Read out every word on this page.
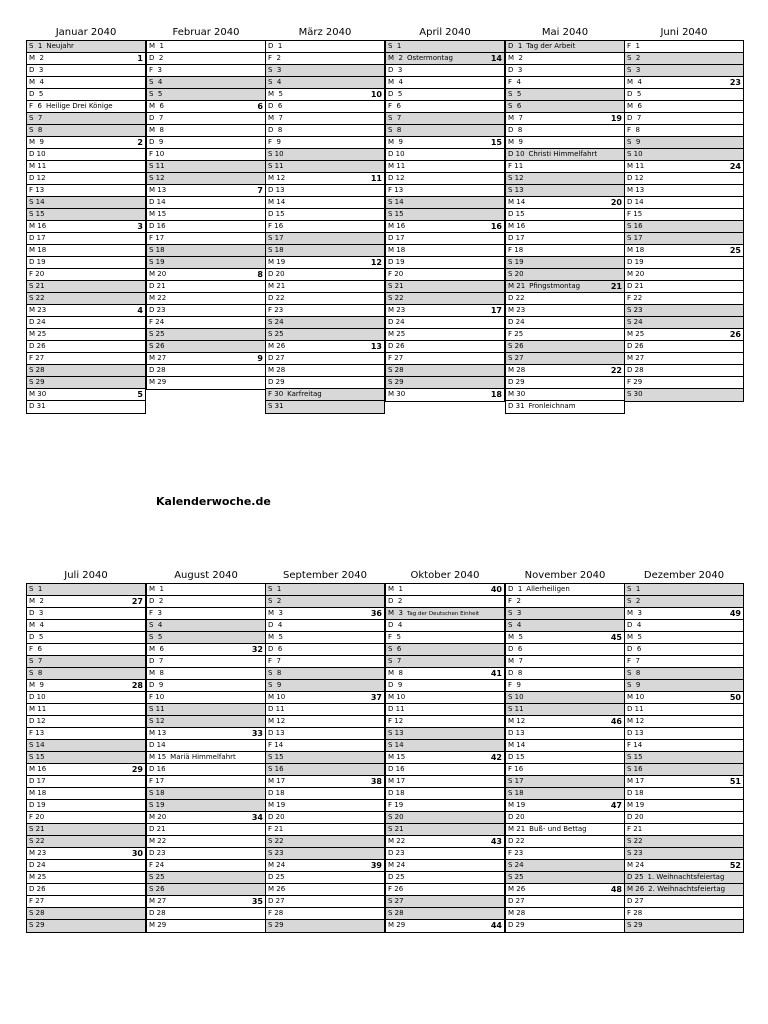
Januar 2040
S  1 Neujahr
M  2	1
D  3
M  4
D  5
F  6 Heilige Drei Könige
S  7
S  8
M  9	2
D 10
M 11
D 12
F 13
S 14
S 15
M 16	3
D 17
M 18
D 19
F 20
S 21
S 22
M 23	4
D 24
M 25
D 26
F 27
S 28
S 29
M 30	5
D 31
Februar 2040
M  1
D  2
F  3
S  4
S  5
M  6	6
D  7
M  8
D  9
F 10
S 11
S 12
M 13	7
D 14
M 15
D 16
F 17
S 18
S 19
M 20	8
D 21
M 22
D 23
F 24
S 25
S 26
M 27	9
D 28
M 29
März 2040
D  1
F  2
S  3
S  4
M  5	10
D  6
M  7
D  8
F  9
S 10
S 11
M 12	11
D 13
M 14
D 15
F 16
S 17
S 18
M 19	12
D 20
M 21
D 22
F 23
S 24
S 25
M 26	13
D 27
M 28
D 29
F 30 Karfreitag
S 31
April 2040
S  1
M  2 Ostermontag	14
D  3
M  4
D  5
F  6
S  7
S  8
M  9	15
D 10
M 11
D 12
F 13
S 14
S 15
M 16	16
D 17
M 18
D 19
F 20
S 21
S 22
M 23	17
D 24
M 25
D 26
F 27
S 28
S 29
M 30	18
Mai 2040
D  1 Tag der Arbeit
M  2
D  3
F  4
S  5
S  6
M  7	19
D  8
M  9
D 10 Christi Himmelfahrt
F 11
S 12
S 13
M 14	20
D 15
M 16
D 17
F 18
S 19
S 20
M 21 Pfingstmontag	21
D 22
M 23
D 24
F 25
S 26
S 27
M 28	22
D 29
M 30
D 31 Fronleichnam
Juni 2040
F  1
S  2
S  3
M  4	23
D  5
M  6
D  7
F  8
S  9
S 10
M 11	24
D 12
M 13
D 14
F 15
S 16
S 17
M 18	25
D 19
M 20
D 21
F 22
S 23
S 24
M 25	26
D 26
M 27
D 28
F 29
S 30
Kalenderwoche.de
Juli 2040
S  1
M  2	27
D  3
M  4
D  5
F  6
S  7
S  8
M  9	28
D 10
M 11
D 12
F 13
S 14
S 15
M 16	29
D 17
M 18
D 19
F 20
S 21
S 22
M 23	30
D 24
M 25
D 26
F 27
S 28
S 29
August 2040
M  1
D  2
F  3
S  4
S  5
M  6	32
D  7
M  8
D  9
F 10
S 11
S 12
M 13	33
D 14
M 15 Mariä Himmelfahrt
D 16
F 17
S 18
S 19
M 20	34
D 21
M 22
D 23
F 24
S 25
S 26
M 27	35
D 28
M 29
September 2040
S  1
S  2
M  3	36
D  4
M  5
D  6
F  7
S  8
S  9
M 10	37
D 11
M 12
D 13
F 14
S 15
S 16
M 17	38
D 18
M 19
D 20
F 21
S 22
S 23
M 24	39
D 25
M 26
D 27
F 28
S 29
Oktober 2040
M  1	40
D  2
M  3 Tag der Deutschen Einheit
D  4
F  5
S  6
S  7
M  8	41
D  9
M 10
D 11
F 12
S 13
S 14
M 15	42
D 16
M 17
D 18
F 19
S 20
S 21
M 22	43
D 23
M 24
D 25
F 26
S 27
S 28
M 29	44
November 2040
D  1 Allerheiligen
F  2
S  3
S  4
M  5	45
D  6
M  7
D  8
F  9
S 10
S 11
M 12	46
D 13
M 14
D 15
F 16
S 17
S 18
M 19	47
D 20
M 21 Buß- und Bettag
D 22
F 23
S 24
S 25
M 26	48
D 27
M 28
D 29
Dezember 2040
S  1
S  2
M  3	49
D  4
M  5
D  6
F  7
S  8
S  9
M 10	50
D 11
M 12
D 13
F 14
S 15
S 16
M 17	51
D 18
M 19
D 20
F 21
S 22
S 23
M 24	52
D 25 1. Weihnachtsfeiertag
M 26 2. Weihnachtsfeiertag
D 27
F 28
S 29
